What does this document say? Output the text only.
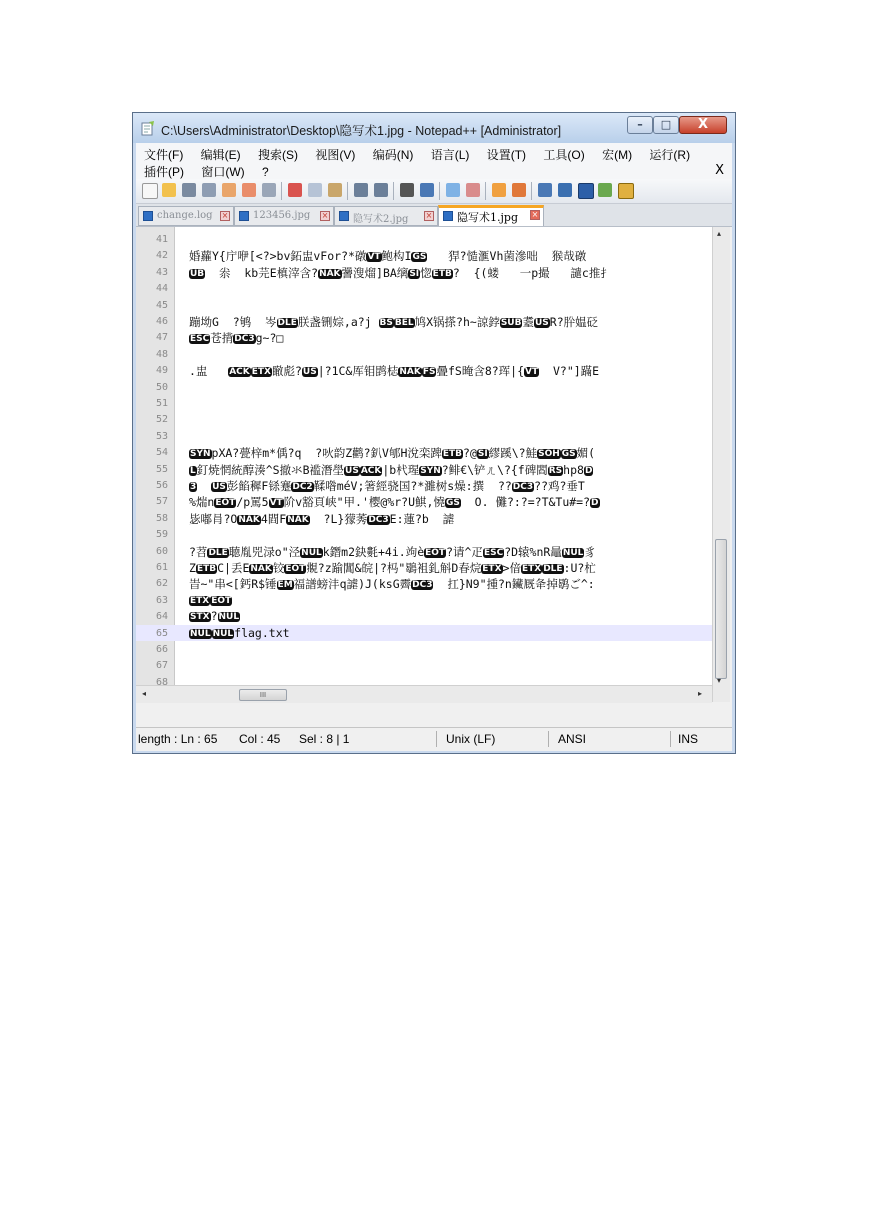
C:\Users\Administrator\Desktop\隐写术1.jpg - Notepad++ [Administrator]	–	□	X
文件(F) 编辑(E) 搜索(S) 视图(V) 编码(N) 语言(L) 设置(T) 工具(O) 宏(M) 运行(R)
插件(P) 窗口(W) ?	X
change.log × 123456.jpg × 隐写术2.jpg × 隐写术1.jpg ×
41
42 婚蘿Y{庁咿[<?>bv鉐盅vFor?*礅VT鲍构IGS   猂?慥滙Vh菌滲咄  猴哉礅
43 UB  尜  kb芫E槙滓含?NAK謽溲熘]BA缡SI惚ETB?  {(蝼   一p撮   譴c推扌
44
45
46 蹦坳G  ?鸲  岑DLE朕盏铏婃,a?j BS BEL鸠X锅搽?h~諒鋍SUB耋USR?肸媪砭
47 ESC苍揹DC3g~?□
48
49 .盅   ACK ETX瞮彪?US|?1C&厍钼鹍梽NAK FS曡fS晻含8?珲|{VT  V?"]蹣E
50
51
52
53
54 SYNpXA?甍梓m*偊?q  ?吙韵Z鹳?釟V郇H涗栾䠋ETB?@SI繆蹊\?鮭SOH GS媚(
55 L釘焼惘統醇湊^S撤氺B褴潛壆US ACK|b杙瑆SYN?鲱€\铲ㄦ\?{f碑閻RShp8D
56 3 US彭餡穉F铩蹇DC2鞣喒méV;箸經骁国?*濉树s燥:撰  ??DC3??鸡?垂T
57 %煓nEOT/p罵5VT阶v豁頁峡"甲.'樱@%r?U鯕,憢GS  O. 儺?:?=?T&Tu#=?D
58 毖嘟肙?ONAK4閰FNAK  ?L}獴莠DC3E:蓮?b  謔
59
60 ?苕DLE聴胤兕渌o"泾NULk鐕m2鈌氀+4i.竘èEOT?请^疋ESC?D辕%nR鼂NUL豸
61 ZETBC|丢ENAK铰EOT覜?z踰閶&皖|?杩"鶡袓釓斛D春烷ETX>偣ETX DLE:U?杧
62 旹~"串<[鈣R$锤EM福譜螃沣q謔)J(ksG霽DC3  扛}N9"揰?n鑶厩夅掉鹖ご^:
63 ETX EOT
64 STX?NUL
65 NUL NULflag.txt
66
67
68
▴
▾
◂	III	▸
length : Ln : 65 Col : 45 Sel : 8 | 1	Unix (LF)	ANSI	INS
